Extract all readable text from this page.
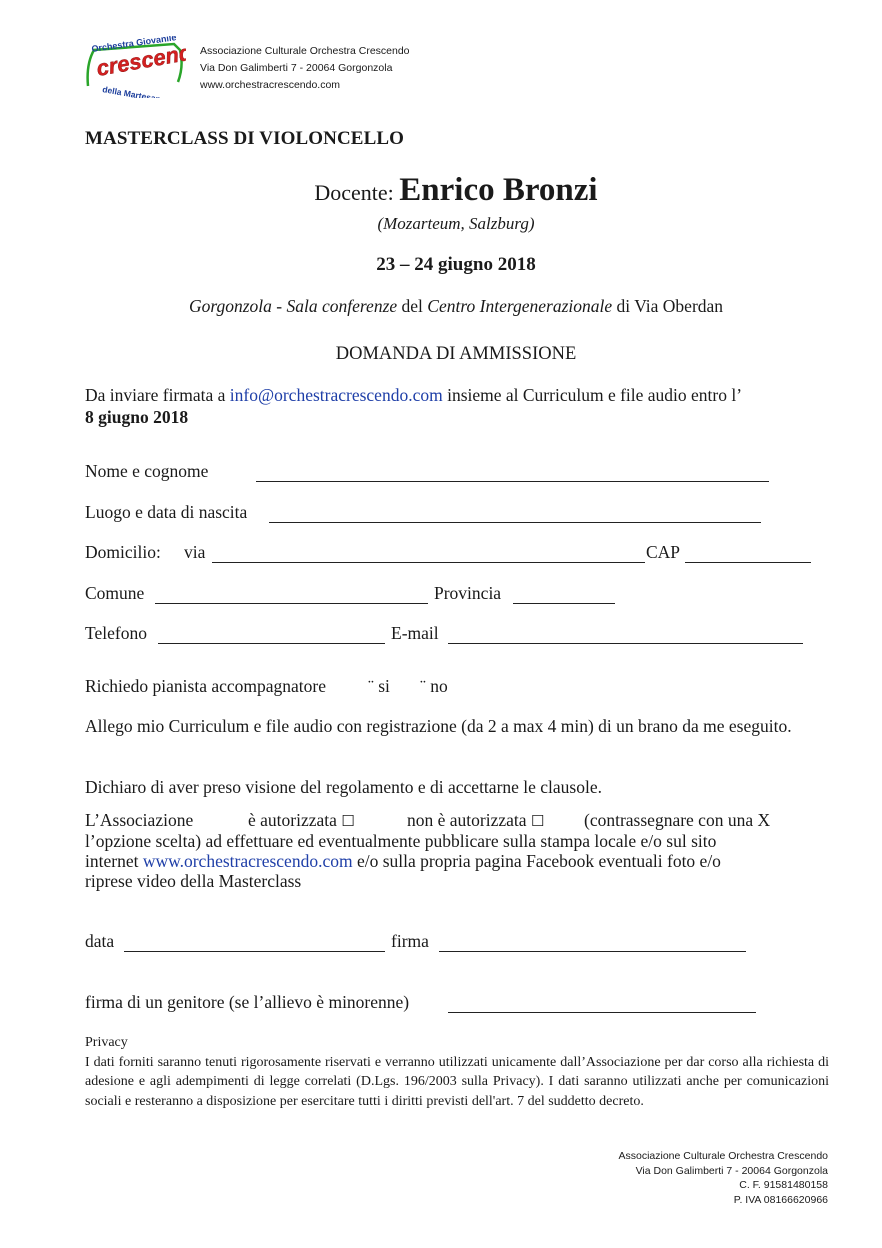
Orchestra Giovanile
crescendo
della Martesana
Associazione Culturale Orchestra Crescendo
Via Don Galimberti 7 - 20064 Gorgonzola
www.orchestracrescendo.com
MASTERCLASS DI VIOLONCELLO
Docente: Enrico Bronzi
(Mozarteum, Salzburg)
23 – 24 giugno 2018
Gorgonzola - Sala conferenze del Centro Intergenerazionale di Via Oberdan
DOMANDA DI AMMISSIONE
Da inviare firmata a info@orchestracrescendo.com insieme al Curriculum e file audio entro l’
8 giugno 2018
Nome e cognome
Luogo e data di nascita
Domicilio: via	CAP
Comune	Provincia
Telefono	E-mail
Richiedo pianista accompagnatore ¨ si ¨ no
Allego mio Curriculum e file audio con registrazione (da 2 a max 4 min) di un brano da me eseguito.
Dichiaro di aver preso visione del regolamento e di accettarne le clausole.
L’Associazione	è autorizzata ☐	non è autorizzata ☐ (contrassegnare con una X
l’opzione scelta) ad effettuare ed eventualmente pubblicare sulla stampa locale e/o sul sito
internet www.orchestracrescendo.com e/o sulla propria pagina Facebook eventuali foto e/o
riprese video della Masterclass
data	firma
firma di un genitore (se l’allievo è minorenne)
Privacy
I dati forniti saranno tenuti rigorosamente riservati e verranno utilizzati unicamente dall’Associazione per dar corso alla richiesta di adesione e agli adempimenti di legge correlati (D.Lgs. 196/2003 sulla Privacy). I dati saranno utilizzati anche per comunicazioni sociali e resteranno a disposizione per esercitare tutti i diritti previsti dell'art. 7 del suddetto decreto.
Associazione Culturale Orchestra Crescendo
Via Don Galimberti 7 - 20064 Gorgonzola
C. F. 91581480158
P. IVA 08166620966
